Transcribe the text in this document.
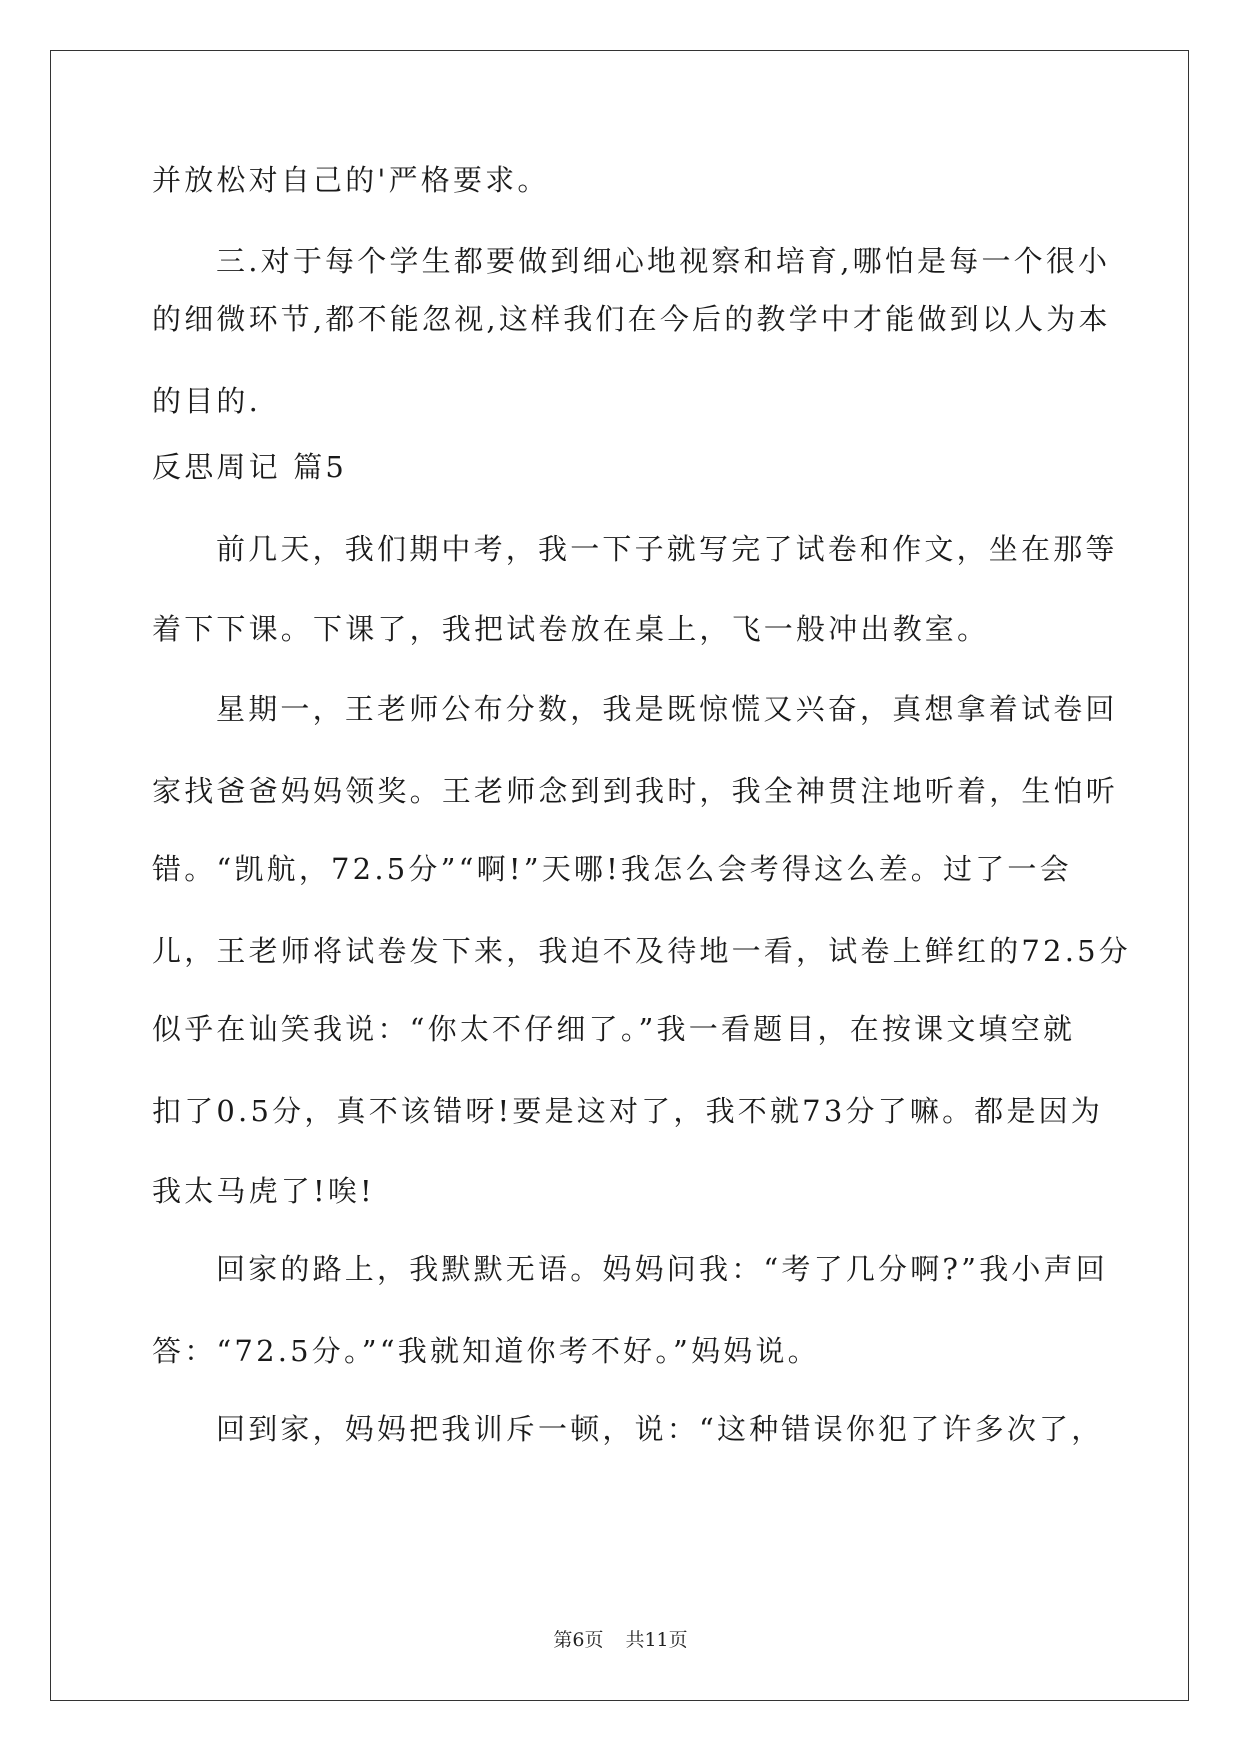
并放松对自己的'严格要求。
三.对于每个学生都要做到细心地视察和培育,哪怕是每一个很小
的细微环节,都不能忽视,这样我们在今后的教学中才能做到以人为本
的目的.
反思周记 篇5
前几天，我们期中考，我一下子就写完了试卷和作文，坐在那等
着下下课。下课了，我把试卷放在桌上，飞一般冲出教室。
星期一，王老师公布分数，我是既惊慌又兴奋，真想拿着试卷回
家找爸爸妈妈领奖。王老师念到到我时，我全神贯注地听着，生怕听
错。“凯航，72.5分”“啊!”天哪!我怎么会考得这么差。过了一会
儿，王老师将试卷发下来，我迫不及待地一看，试卷上鲜红的72.5分
似乎在讪笑我说：“你太不仔细了。”我一看题目，在按课文填空就
扣了0.5分，真不该错呀!要是这对了，我不就73分了嘛。都是因为
我太马虎了!唉!
回家的路上，我默默无语。妈妈问我：“考了几分啊?”我小声回
答：“72.5分。”“我就知道你考不好。”妈妈说。
回到家，妈妈把我训斥一顿，说：“这种错误你犯了许多次了，
第6页 共11页
